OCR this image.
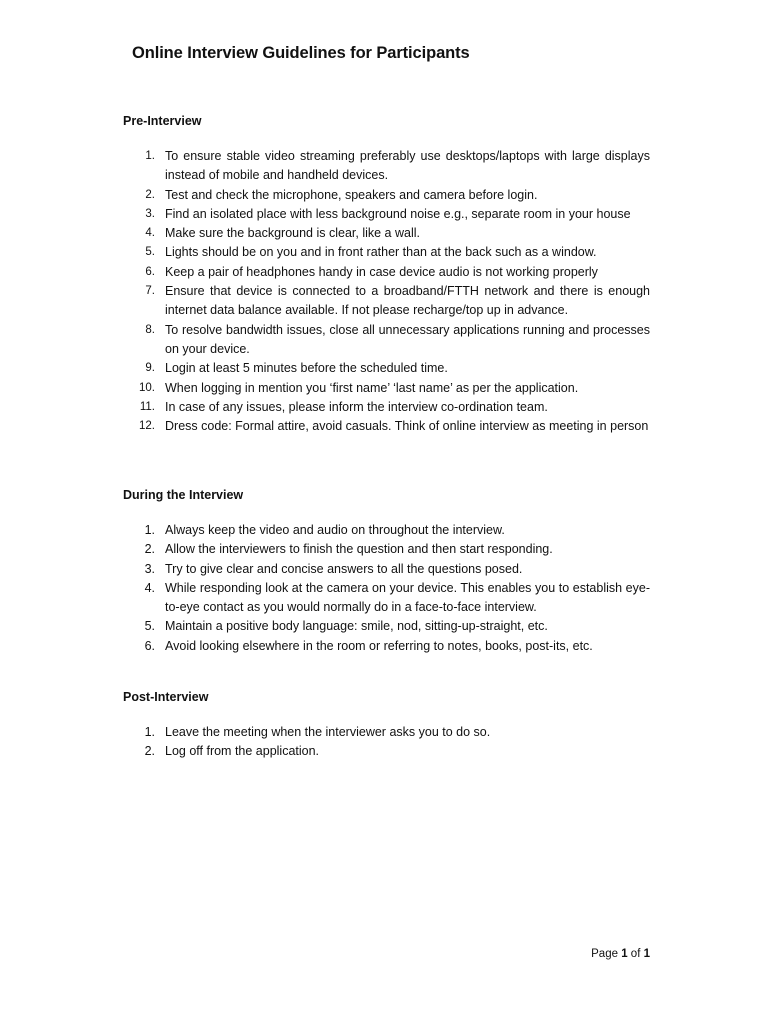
Online Interview Guidelines for Participants
Pre-Interview
1. To ensure stable video streaming preferably use desktops/laptops with large displays instead of mobile and handheld devices.
2. Test and check the microphone, speakers and camera before login.
3. Find an isolated place with less background noise e.g., separate room in your house
4. Make sure the background is clear, like a wall.
5. Lights should be on you and in front rather than at the back such as a window.
6. Keep a pair of headphones handy in case device audio is not working properly
7. Ensure that device is connected to a broadband/FTTH network and there is enough internet data balance available. If not please recharge/top up in advance.
8. To resolve bandwidth issues, close all unnecessary applications running and processes on your device.
9. Login at least 5 minutes before the scheduled time.
10. When logging in mention you ‘first name’ ‘last name’ as per the application.
11. In case of any issues, please inform the interview co-ordination team.
12. Dress code: Formal attire, avoid casuals. Think of online interview as meeting in person
During the Interview
1. Always keep the video and audio on throughout the interview.
2. Allow the interviewers to finish the question and then start responding.
3. Try to give clear and concise answers to all the questions posed.
4. While responding look at the camera on your device. This enables you to establish eye-to-eye contact as you would normally do in a face-to-face interview.
5. Maintain a positive body language: smile, nod, sitting-up-straight, etc.
6. Avoid looking elsewhere in the room or referring to notes, books, post-its, etc.
Post-Interview
1. Leave the meeting when the interviewer asks you to do so.
2. Log off from the application.
Page 1 of 1
